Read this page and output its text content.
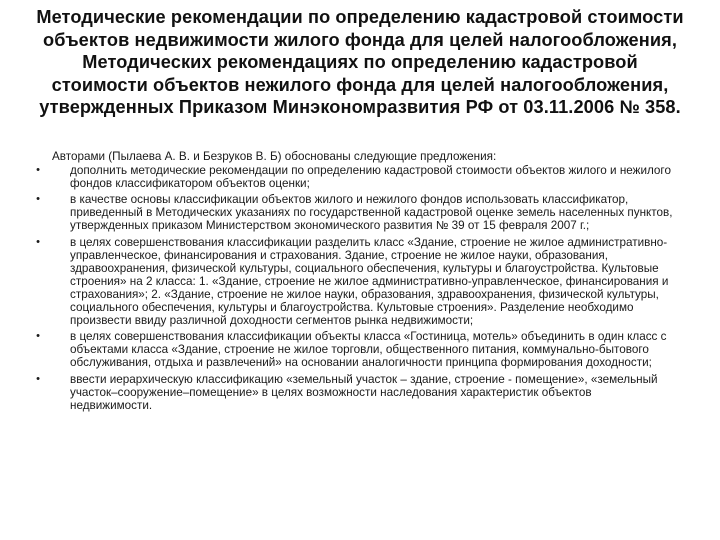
Методические рекомендации по определению кадастровой стоимости объектов недвижимости жилого фонда для целей налогообложения, Методических рекомендациях по определению кадастровой стоимости объектов нежилого фонда для целей налогообложения, утвержденных Приказом Минэкономразвития РФ от 03.11.2006 № 358.

Авторами (Пылаева А. В. и Безруков В. Б) обоснованы следующие предложения:

•	дополнить методические рекомендации по определению кадастровой стоимости объектов жилого и нежилого фондов классификатором объектов оценки;
•	в качестве основы классификации объектов жилого и нежилого фондов использовать классификатор, приведенный в Методических указаниях по государственной кадастровой оценке земель населенных пунктов, утвержденных приказом Министерством экономического развития № 39 от 15 февраля 2007 г.;
•	в целях совершенствования классификации разделить класс «Здание, строение не жилое административно-управленческое, финансирования и страхования. Здание, строение не жилое науки, образования, здравоохранения, физической культуры, социального обеспечения, культуры и благоустройства. Культовые строения» на 2 класса: 1. «Здание, строение не жилое административно-управленческое, финансирования и страхования»; 2. «Здание, строение не жилое науки, образования, здравоохранения, физической культуры, социального обеспечения, культуры и благоустройства. Культовые строения». Разделение необходимо произвести ввиду различной доходности сегментов рынка недвижимости;
•	в целях совершенствования классификации объекты класса «Гостиница, мотель» объединить в один класс с объектами класса «Здание, строение не жилое торговли, общественного питания, коммунально-бытового обслуживания, отдыха и развлечений» на основании аналогичности принципа формирования доходности;
•	ввести иерархическую классификацию «земельный участок – здание, строение - помещение», «земельный участок–сооружение–помещение» в целях возможности наследования характеристик объектов недвижимости.
